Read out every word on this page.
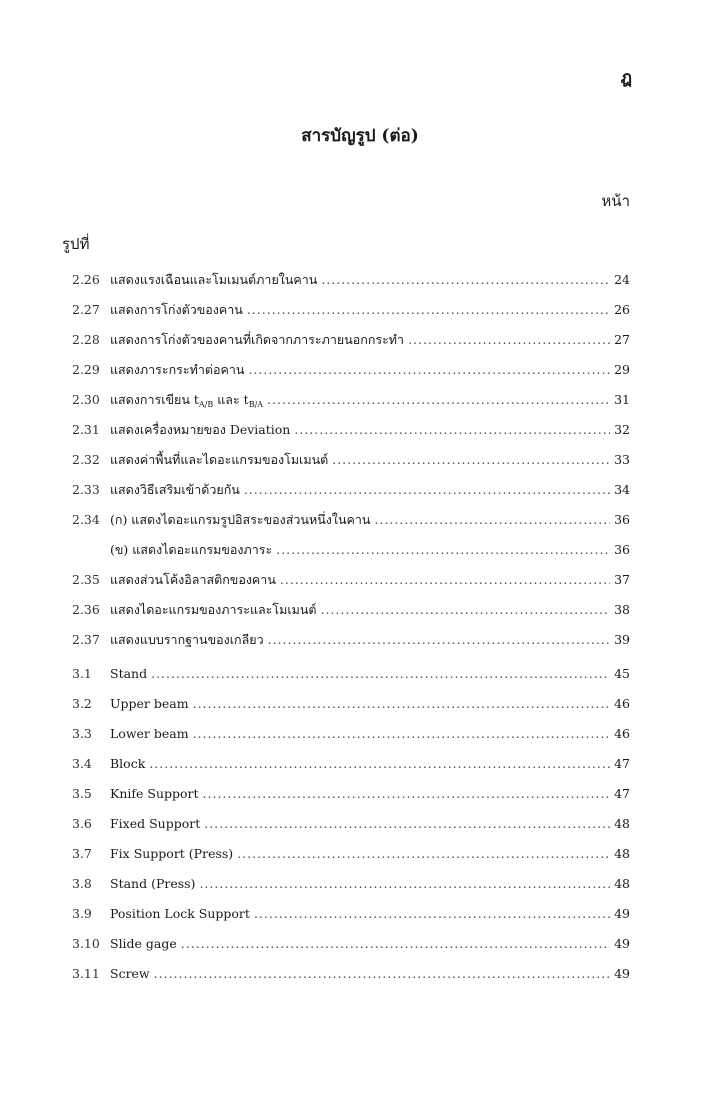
ฎ
สารบัญรูป (ต่อ)
หน้า
รูปที่
2.26 แสดงแรงเฉือนและโมเมนต์ภายในคาน .....	24
2.27 แสดงการโก่งตัวของคาน .....	26
2.28 แสดงการโก่งตัวของคานที่เกิดจากภาระภายนอกกระทำ .....	27
2.29 แสดงภาระกระทำต่อคาน .....	29
2.30 แสดงการเขียน $t_{A/B}$ และ $t_{B/A}$ .....	31
2.31 แสดงเครื่องหมายของ Deviation .....	32
2.32 แสดงค่าพื้นที่และไดอะแกรมของโมเมนต์ .....	33
2.33 แสดงวิธีเสริมเข้าด้วยกัน .....	34
2.34 (ก) แสดงไดอะแกรมรูปอิสระของส่วนหนึ่งในคาน .....	36
(ข) แสดงไดอะแกรมของภาระ .....	36
2.35 แสดงส่วนโค้งอิลาสติกของคาน .....	37
2.36 แสดงไดอะแกรมของภาระและโมเมนต์ .....	38
2.37 แสดงแบบรากฐานของเกลียว .....	39
3.1	Stand .....	45
3.2	Upper beam .....	46
3.3	Lower beam .....	46
3.4	Block .....	47
3.5	Knife Support .....	47
3.6	Fixed Support .....	48
3.7	Fix Support (Press) .....	48
3.8	Stand (Press) .....	48
3.9	Position Lock Support .....	49
3.10 Slide gage .....	49
3.11 Screw .....	49
